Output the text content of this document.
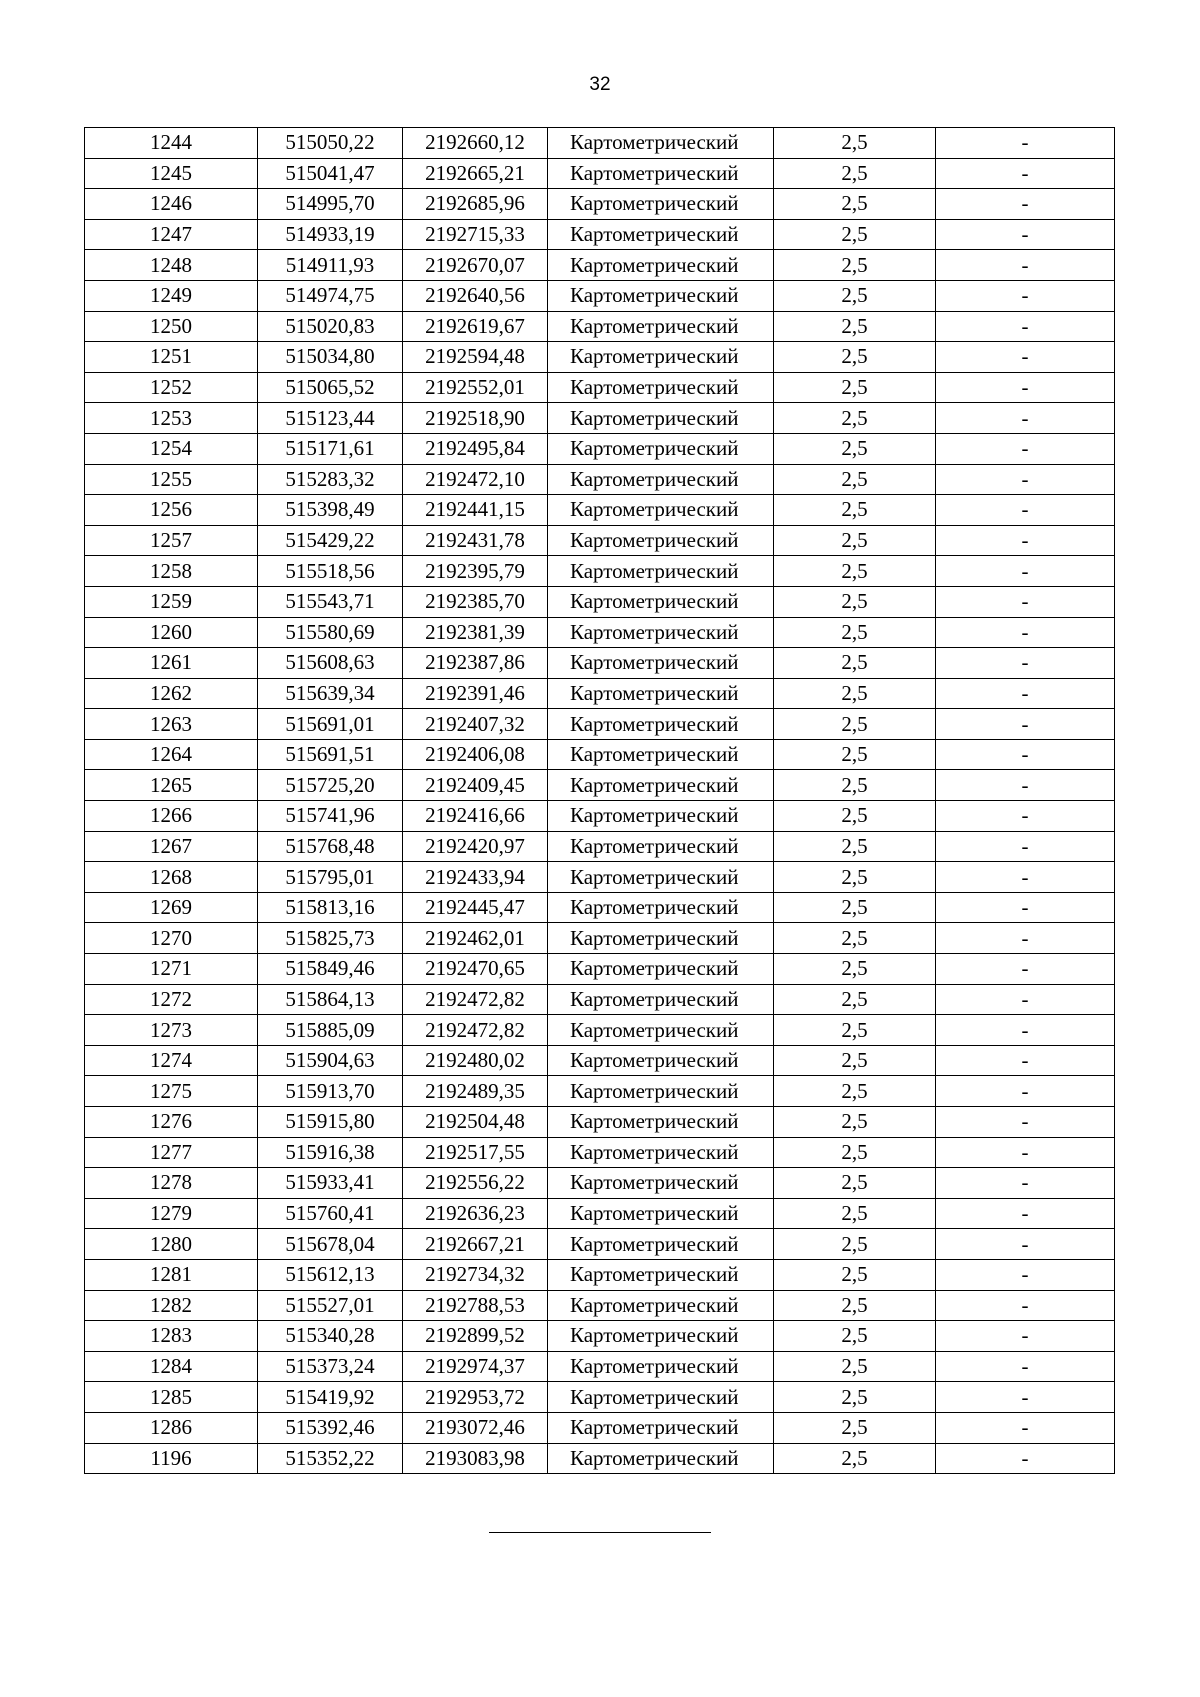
32
1244	515050,22	2192660,12	Картометрический	2,5	-
1245	515041,47	2192665,21	Картометрический	2,5	-
1246	514995,70	2192685,96	Картометрический	2,5	-
1247	514933,19	2192715,33	Картометрический	2,5	-
1248	514911,93	2192670,07	Картометрический	2,5	-
1249	514974,75	2192640,56	Картометрический	2,5	-
1250	515020,83	2192619,67	Картометрический	2,5	-
1251	515034,80	2192594,48	Картометрический	2,5	-
1252	515065,52	2192552,01	Картометрический	2,5	-
1253	515123,44	2192518,90	Картометрический	2,5	-
1254	515171,61	2192495,84	Картометрический	2,5	-
1255	515283,32	2192472,10	Картометрический	2,5	-
1256	515398,49	2192441,15	Картометрический	2,5	-
1257	515429,22	2192431,78	Картометрический	2,5	-
1258	515518,56	2192395,79	Картометрический	2,5	-
1259	515543,71	2192385,70	Картометрический	2,5	-
1260	515580,69	2192381,39	Картометрический	2,5	-
1261	515608,63	2192387,86	Картометрический	2,5	-
1262	515639,34	2192391,46	Картометрический	2,5	-
1263	515691,01	2192407,32	Картометрический	2,5	-
1264	515691,51	2192406,08	Картометрический	2,5	-
1265	515725,20	2192409,45	Картометрический	2,5	-
1266	515741,96	2192416,66	Картометрический	2,5	-
1267	515768,48	2192420,97	Картометрический	2,5	-
1268	515795,01	2192433,94	Картометрический	2,5	-
1269	515813,16	2192445,47	Картометрический	2,5	-
1270	515825,73	2192462,01	Картометрический	2,5	-
1271	515849,46	2192470,65	Картометрический	2,5	-
1272	515864,13	2192472,82	Картометрический	2,5	-
1273	515885,09	2192472,82	Картометрический	2,5	-
1274	515904,63	2192480,02	Картометрический	2,5	-
1275	515913,70	2192489,35	Картометрический	2,5	-
1276	515915,80	2192504,48	Картометрический	2,5	-
1277	515916,38	2192517,55	Картометрический	2,5	-
1278	515933,41	2192556,22	Картометрический	2,5	-
1279	515760,41	2192636,23	Картометрический	2,5	-
1280	515678,04	2192667,21	Картометрический	2,5	-
1281	515612,13	2192734,32	Картометрический	2,5	-
1282	515527,01	2192788,53	Картометрический	2,5	-
1283	515340,28	2192899,52	Картометрический	2,5	-
1284	515373,24	2192974,37	Картометрический	2,5	-
1285	515419,92	2192953,72	Картометрический	2,5	-
1286	515392,46	2193072,46	Картометрический	2,5	-
1196	515352,22	2193083,98	Картометрический	2,5	-
